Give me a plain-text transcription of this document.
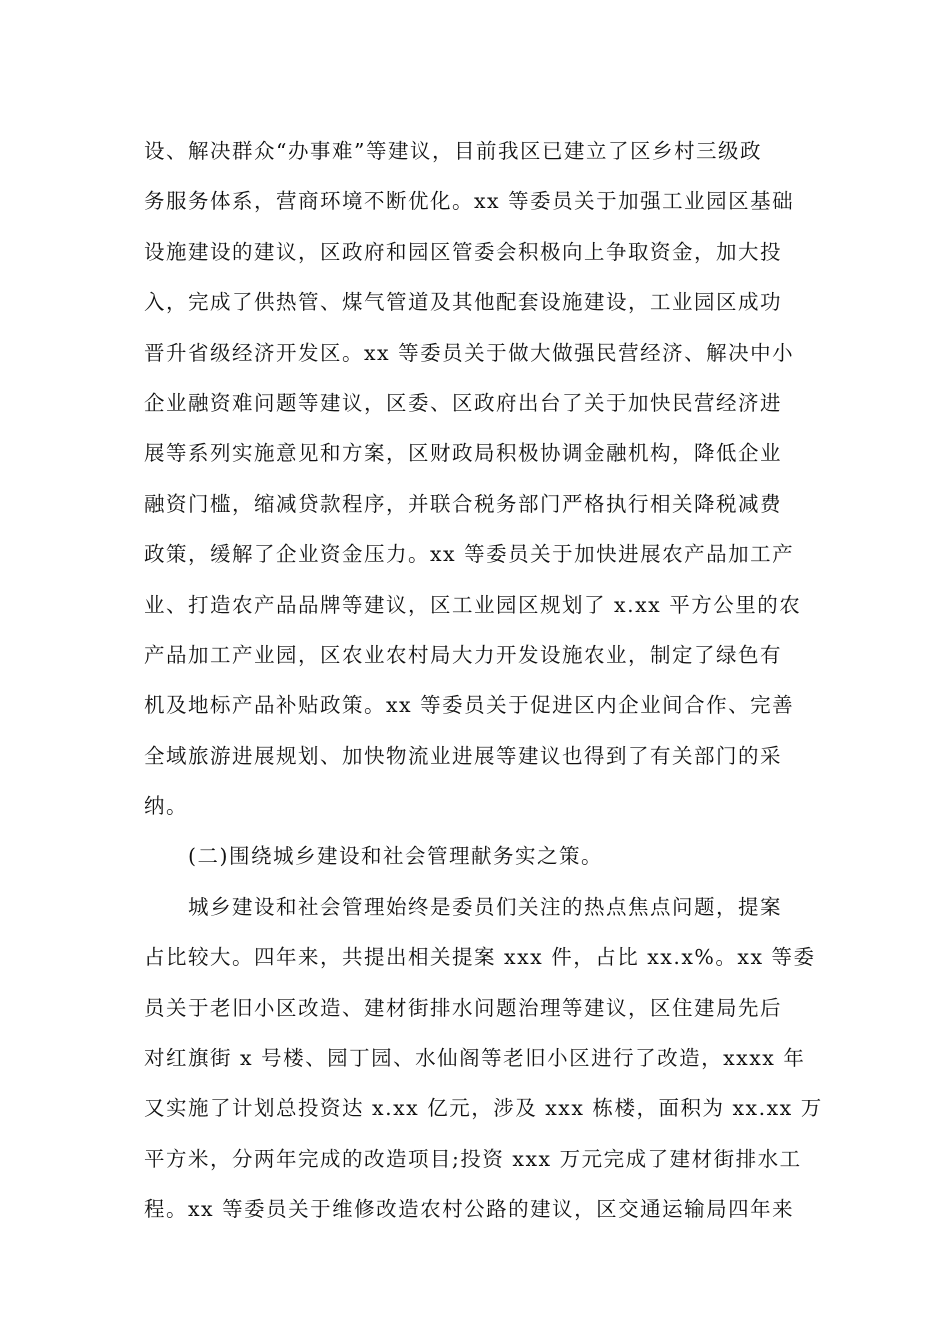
设、解决群众“办事难”等建议，目前我区已建立了区乡村三级政
务服务体系，营商环境不断优化。xx 等委员关于加强工业园区基础
设施建设的建议，区政府和园区管委会积极向上争取资金，加大投
入，完成了供热管、煤气管道及其他配套设施建设，工业园区成功
晋升省级经济开发区。xx 等委员关于做大做强民营经济、解决中小
企业融资难问题等建议，区委、区政府出台了关于加快民营经济进
展等系列实施意见和方案，区财政局积极协调金融机构，降低企业
融资门槛，缩减贷款程序，并联合税务部门严格执行相关降税减费
政策，缓解了企业资金压力。xx 等委员关于加快进展农产品加工产
业、打造农产品品牌等建议，区工业园区规划了 x.xx 平方公里的农
产品加工产业园，区农业农村局大力开发设施农业，制定了绿色有
机及地标产品补贴政策。xx 等委员关于促进区内企业间合作、完善
全域旅游进展规划、加快物流业进展等建议也得到了有关部门的采
纳。
(二)围绕城乡建设和社会管理献务实之策。
城乡建设和社会管理始终是委员们关注的热点焦点问题，提案
占比较大。四年来，共提出相关提案 xxx 件，占比 xx.x%。xx 等委
员关于老旧小区改造、建材街排水问题治理等建议，区住建局先后
对红旗街 x 号楼、园丁园、水仙阁等老旧小区进行了改造，xxxx 年
又实施了计划总投资达 x.xx 亿元，涉及 xxx 栋楼，面积为 xx.xx 万
平方米，分两年完成的改造项目;投资 xxx 万元完成了建材街排水工
程。xx 等委员关于维修改造农村公路的建议，区交通运输局四年来
